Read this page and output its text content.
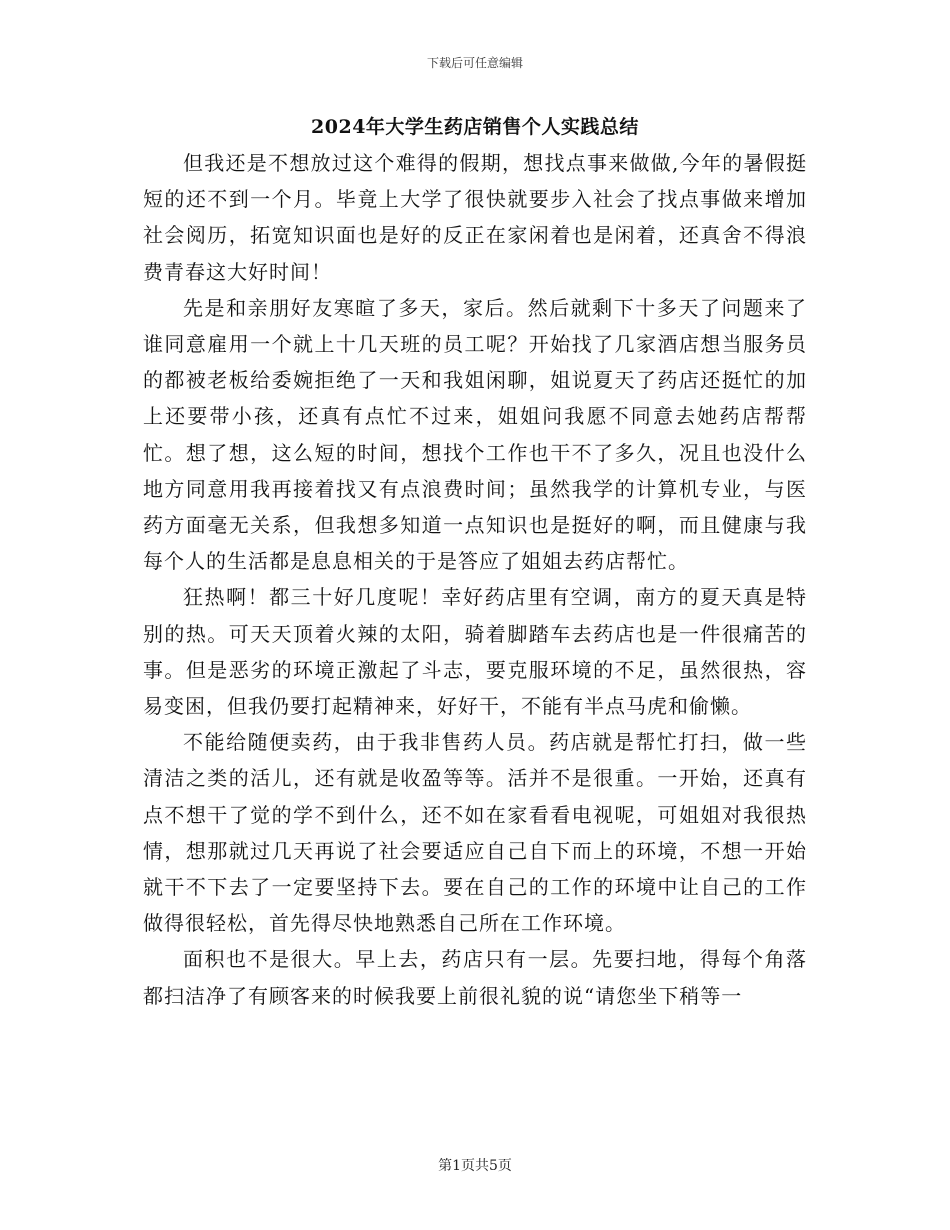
下载后可任意编辑
2024年大学生药店销售个人实践总结

但我还是不想放过这个难得的假期，想找点事来做做,今年的暑假挺短的还不到一个月。毕竟上大学了很快就要步入社会了找点事做来增加社会阅历，拓宽知识面也是好的反正在家闲着也是闲着，还真舍不得浪费青春这大好时间！

先是和亲朋好友寒暄了多天，家后。然后就剩下十多天了问题来了谁同意雇用一个就上十几天班的员工呢？开始找了几家酒店想当服务员的都被老板给委婉拒绝了一天和我姐闲聊，姐说夏天了药店还挺忙的加上还要带小孩，还真有点忙不过来，姐姐问我愿不同意去她药店帮帮忙。想了想，这么短的时间，想找个工作也干不了多久，况且也没什么地方同意用我再接着找又有点浪费时间；虽然我学的计算机专业，与医药方面毫无关系，但我想多知道一点知识也是挺好的啊，而且健康与我每个人的生活都是息息相关的于是答应了姐姐去药店帮忙。

狂热啊！都三十好几度呢！幸好药店里有空调，南方的夏天真是特别的热。可天天顶着火辣的太阳，骑着脚踏车去药店也是一件很痛苦的事。但是恶劣的环境正激起了斗志，要克服环境的不足，虽然很热，容易变困，但我仍要打起精神来，好好干，不能有半点马虎和偷懒。

不能给随便卖药，由于我非售药人员。药店就是帮忙打扫，做一些清洁之类的活儿，还有就是收盈等等。活并不是很重。一开始，还真有点不想干了觉的学不到什么，还不如在家看看电视呢，可姐姐对我很热情，想那就过几天再说了社会要适应自己自下而上的环境，不想一开始就干不下去了一定要坚持下去。要在自己的工作的环境中让自己的工作做得很轻松，首先得尽快地熟悉自己所在工作环境。

面积也不是很大。早上去，药店只有一层。先要扫地，得每个角落都扫洁净了有顾客来的时候我要上前很礼貌的说“请您坐下稍等一

第1页共5页
